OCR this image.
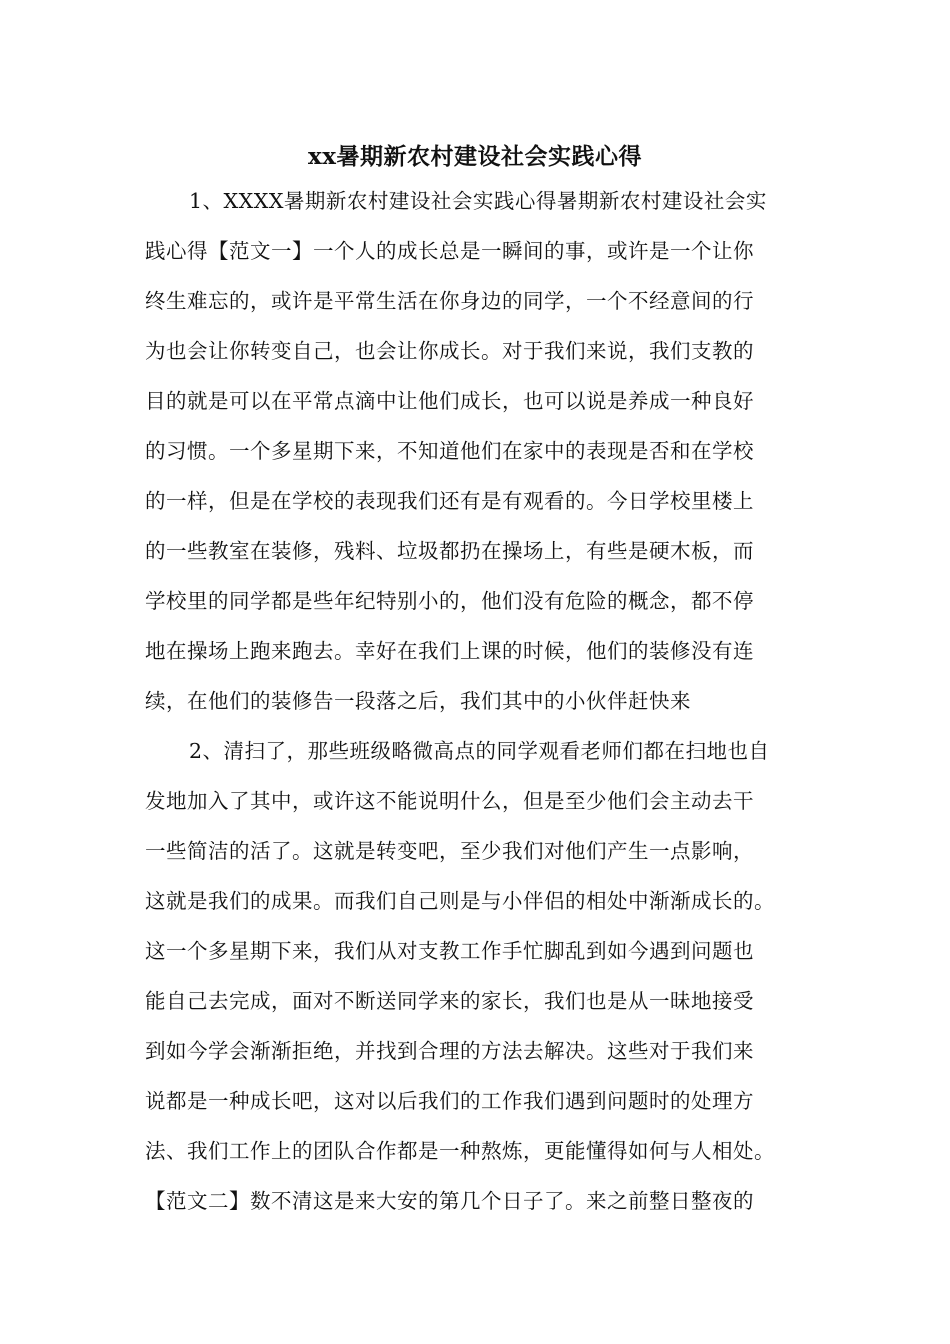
xx暑期新农村建设社会实践心得
1、XXXX暑期新农村建设社会实践心得暑期新农村建设社会实
践心得【范文一】一个人的成长总是一瞬间的事，或许是一个让你
终生难忘的，或许是平常生活在你身边的同学，一个不经意间的行
为也会让你转变自己，也会让你成长。对于我们来说，我们支教的
目的就是可以在平常点滴中让他们成长，也可以说是养成一种良好
的习惯。一个多星期下来，不知道他们在家中的表现是否和在学校
的一样，但是在学校的表现我们还有是有观看的。今日学校里楼上
的一些教室在装修，残料、垃圾都扔在操场上，有些是硬木板，而
学校里的同学都是些年纪特别小的，他们没有危险的概念，都不停
地在操场上跑来跑去。幸好在我们上课的时候，他们的装修没有连
续，在他们的装修告一段落之后，我们其中的小伙伴赶快来
2、清扫了，那些班级略微高点的同学观看老师们都在扫地也自
发地加入了其中，或许这不能说明什么，但是至少他们会主动去干
一些简洁的活了。这就是转变吧，至少我们对他们产生一点影响，
这就是我们的成果。而我们自己则是与小伴侣的相处中渐渐成长的。
这一个多星期下来，我们从对支教工作手忙脚乱到如今遇到问题也
能自己去完成，面对不断送同学来的家长，我们也是从一昧地接受
到如今学会渐渐拒绝，并找到合理的方法去解决。这些对于我们来
说都是一种成长吧，这对以后我们的工作我们遇到问题时的处理方
法、我们工作上的团队合作都是一种熬炼，更能懂得如何与人相处。
【范文二】数不清这是来大安的第几个日子了。来之前整日整夜的
